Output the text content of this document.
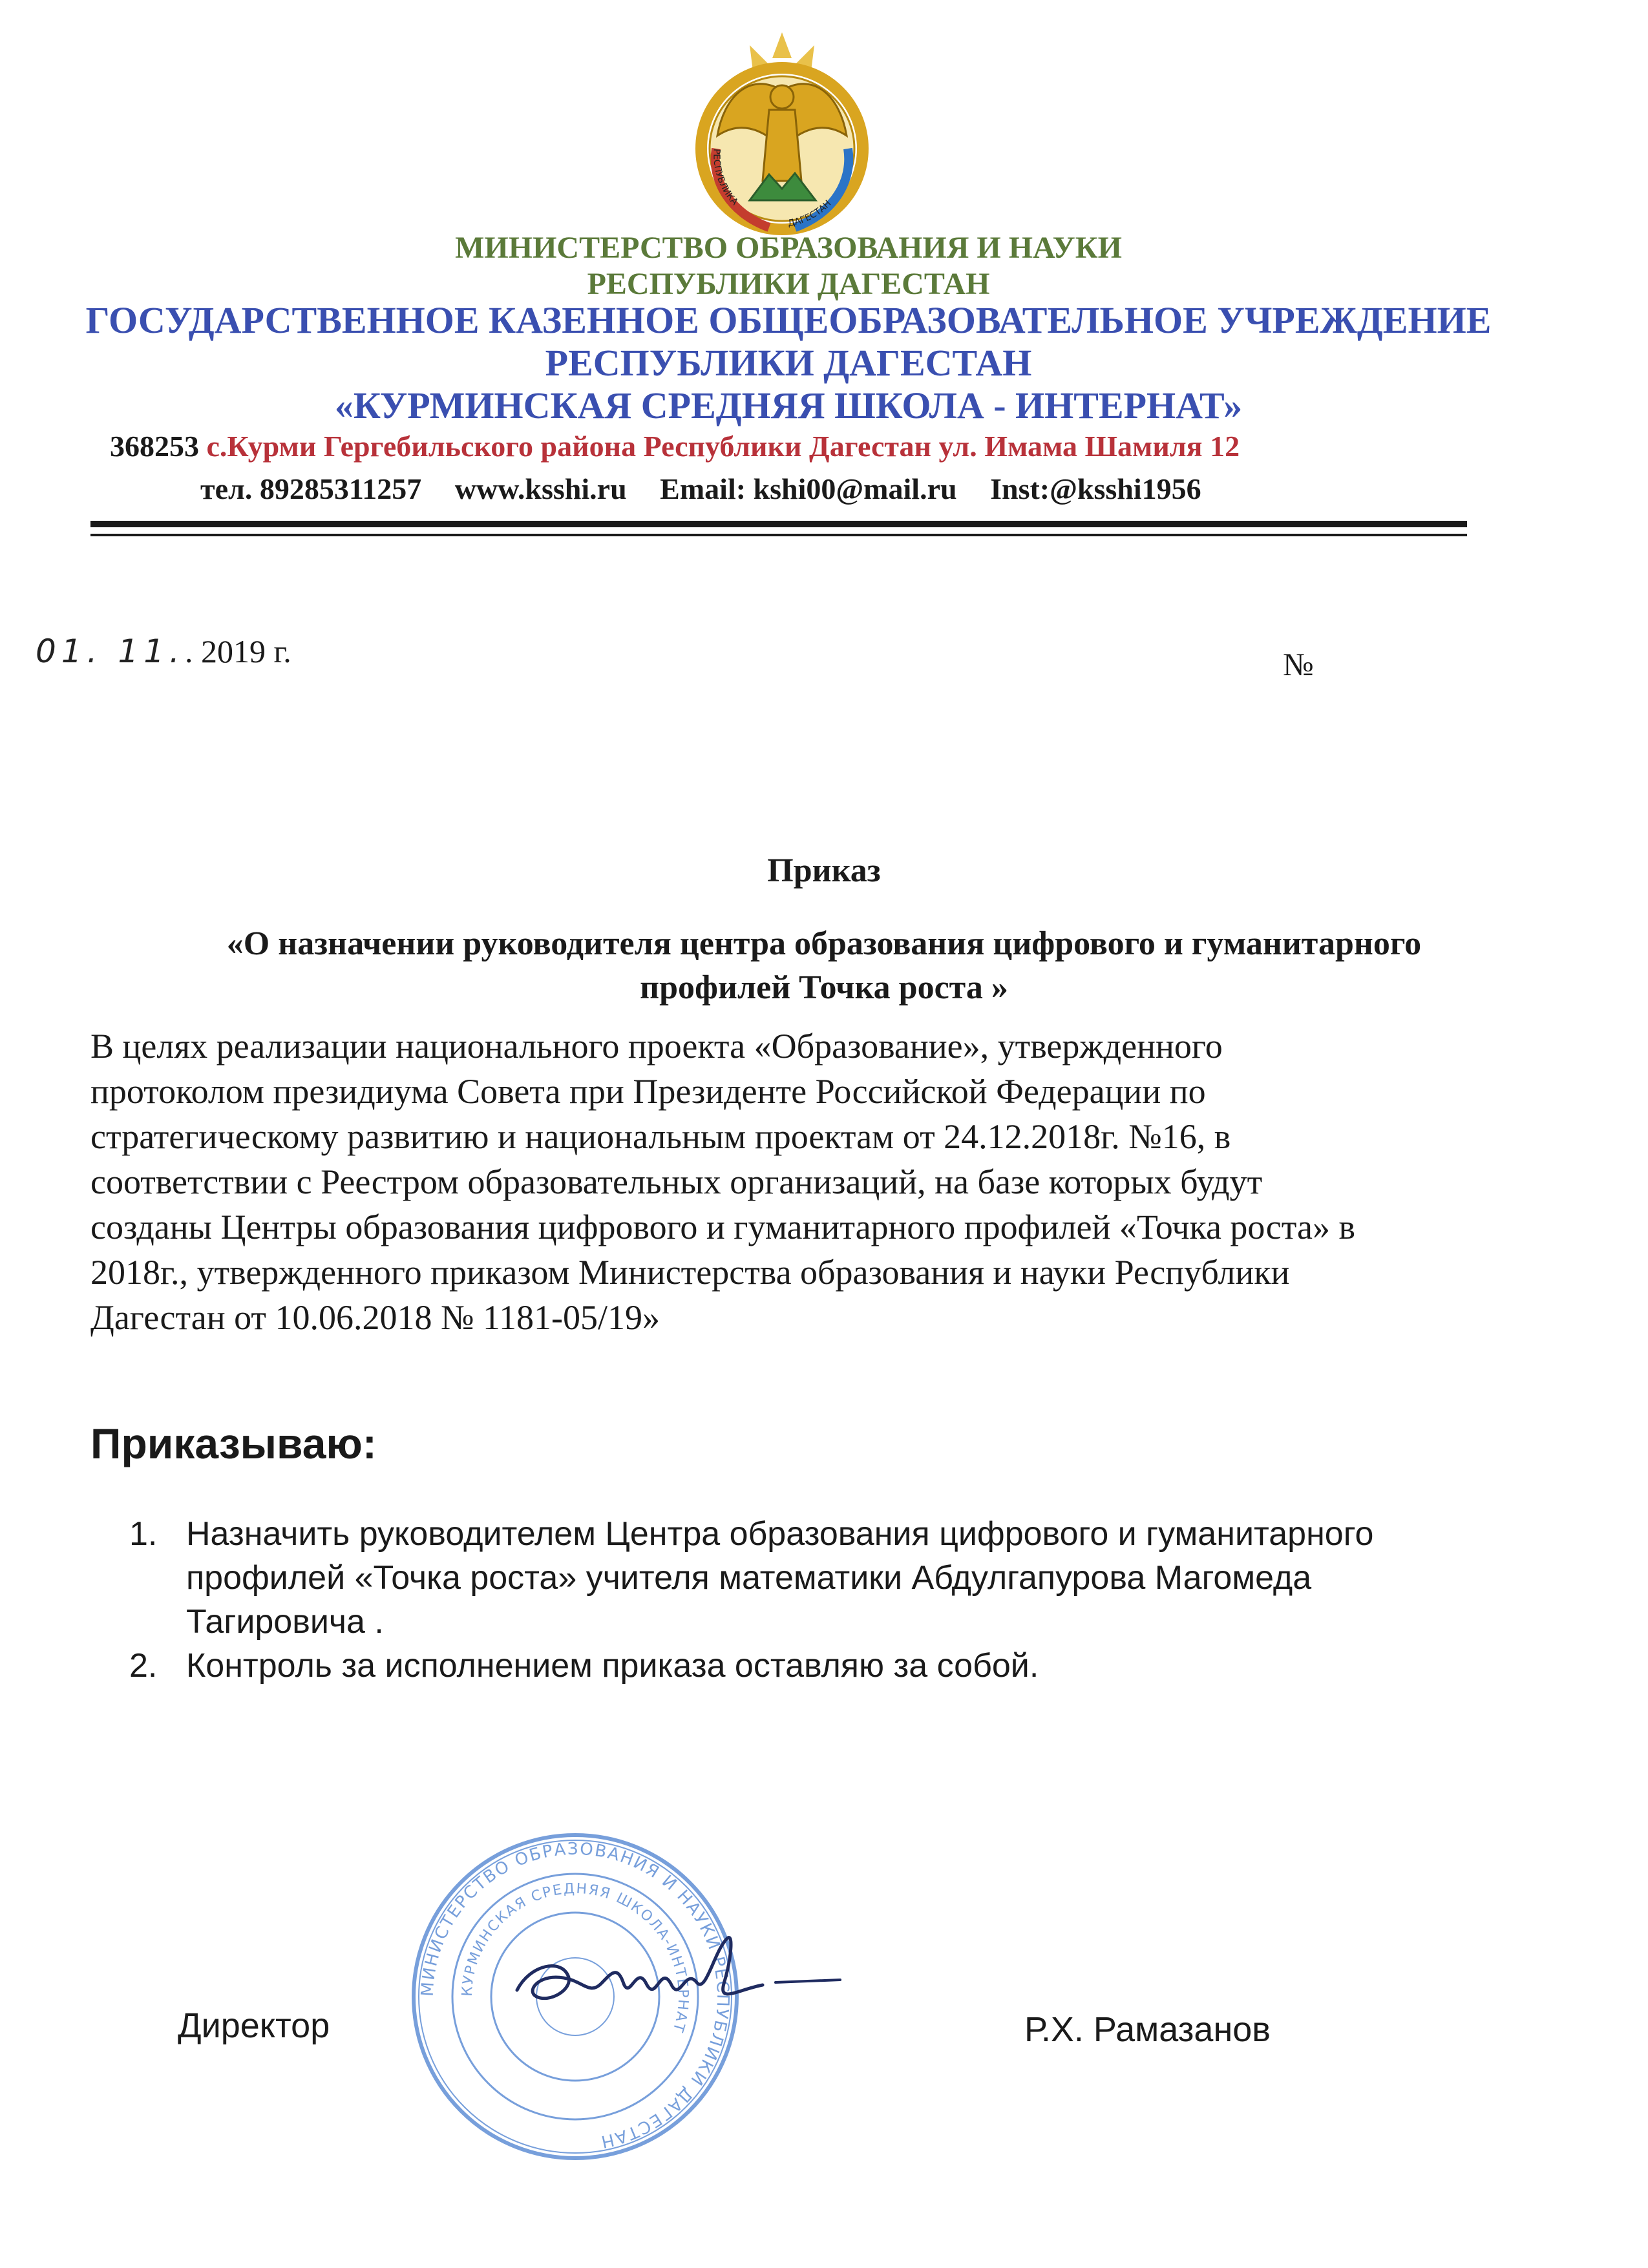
РЕСПУБЛИКА
ДАГЕСТАН
МИНИСТЕРСТВО ОБРАЗОВАНИЯ И НАУКИ
РЕСПУБЛИКИ ДАГЕСТАН
ГОСУДАРСТВЕННОЕ КАЗЕННОЕ ОБЩЕОБРАЗОВАТЕЛЬНОЕ УЧРЕЖДЕНИЕ
РЕСПУБЛИКИ ДАГЕСТАН
«КУРМИНСКАЯ СРЕДНЯЯ ШКОЛА - ИНТЕРНАТ»
368253 с.Курми Гергебильского района Республики Дагестан ул. Имама Шамиля 12
тел. 89285311257 www.ksshi.ru Email: kshi00@mail.ru Inst:@ksshi1956
01. 11.. 2019 г.	№
Приказ
«О назначении руководителя центра образования цифрового и гуманитарного
профилей Точка роста »
В целях реализации национального проекта «Образование», утвержденного
протоколом президиума Совета при Президенте Российской Федерации по
стратегическому развитию и национальным проектам от 24.12.2018г. №16, в
соответствии с Реестром образовательных организаций, на базе которых будут
созданы Центры образования цифрового и гуманитарного профилей «Точка роста» в
2018г., утвержденного приказом Министерства образования и науки Республики
Дагестан от 10.06.2018 № 1181-05/19»
Приказываю:
1. Назначить руководителем Центра образования цифрового и гуманитарного
профилей «Точка роста» учителя математики Абдулгапурова Магомеда
Тагировича .
2. Контроль за исполнением приказа оставляю за собой.
МИНИСТЕРСТВО ОБРАЗОВАНИЯ И НАУКИ РЕСПУБЛИКИ ДАГЕСТАН
КУРМИНСКАЯ СРЕДНЯЯ ШКОЛА-ИНТЕРНАТ
Директор	Р.Х. Рамазанов
